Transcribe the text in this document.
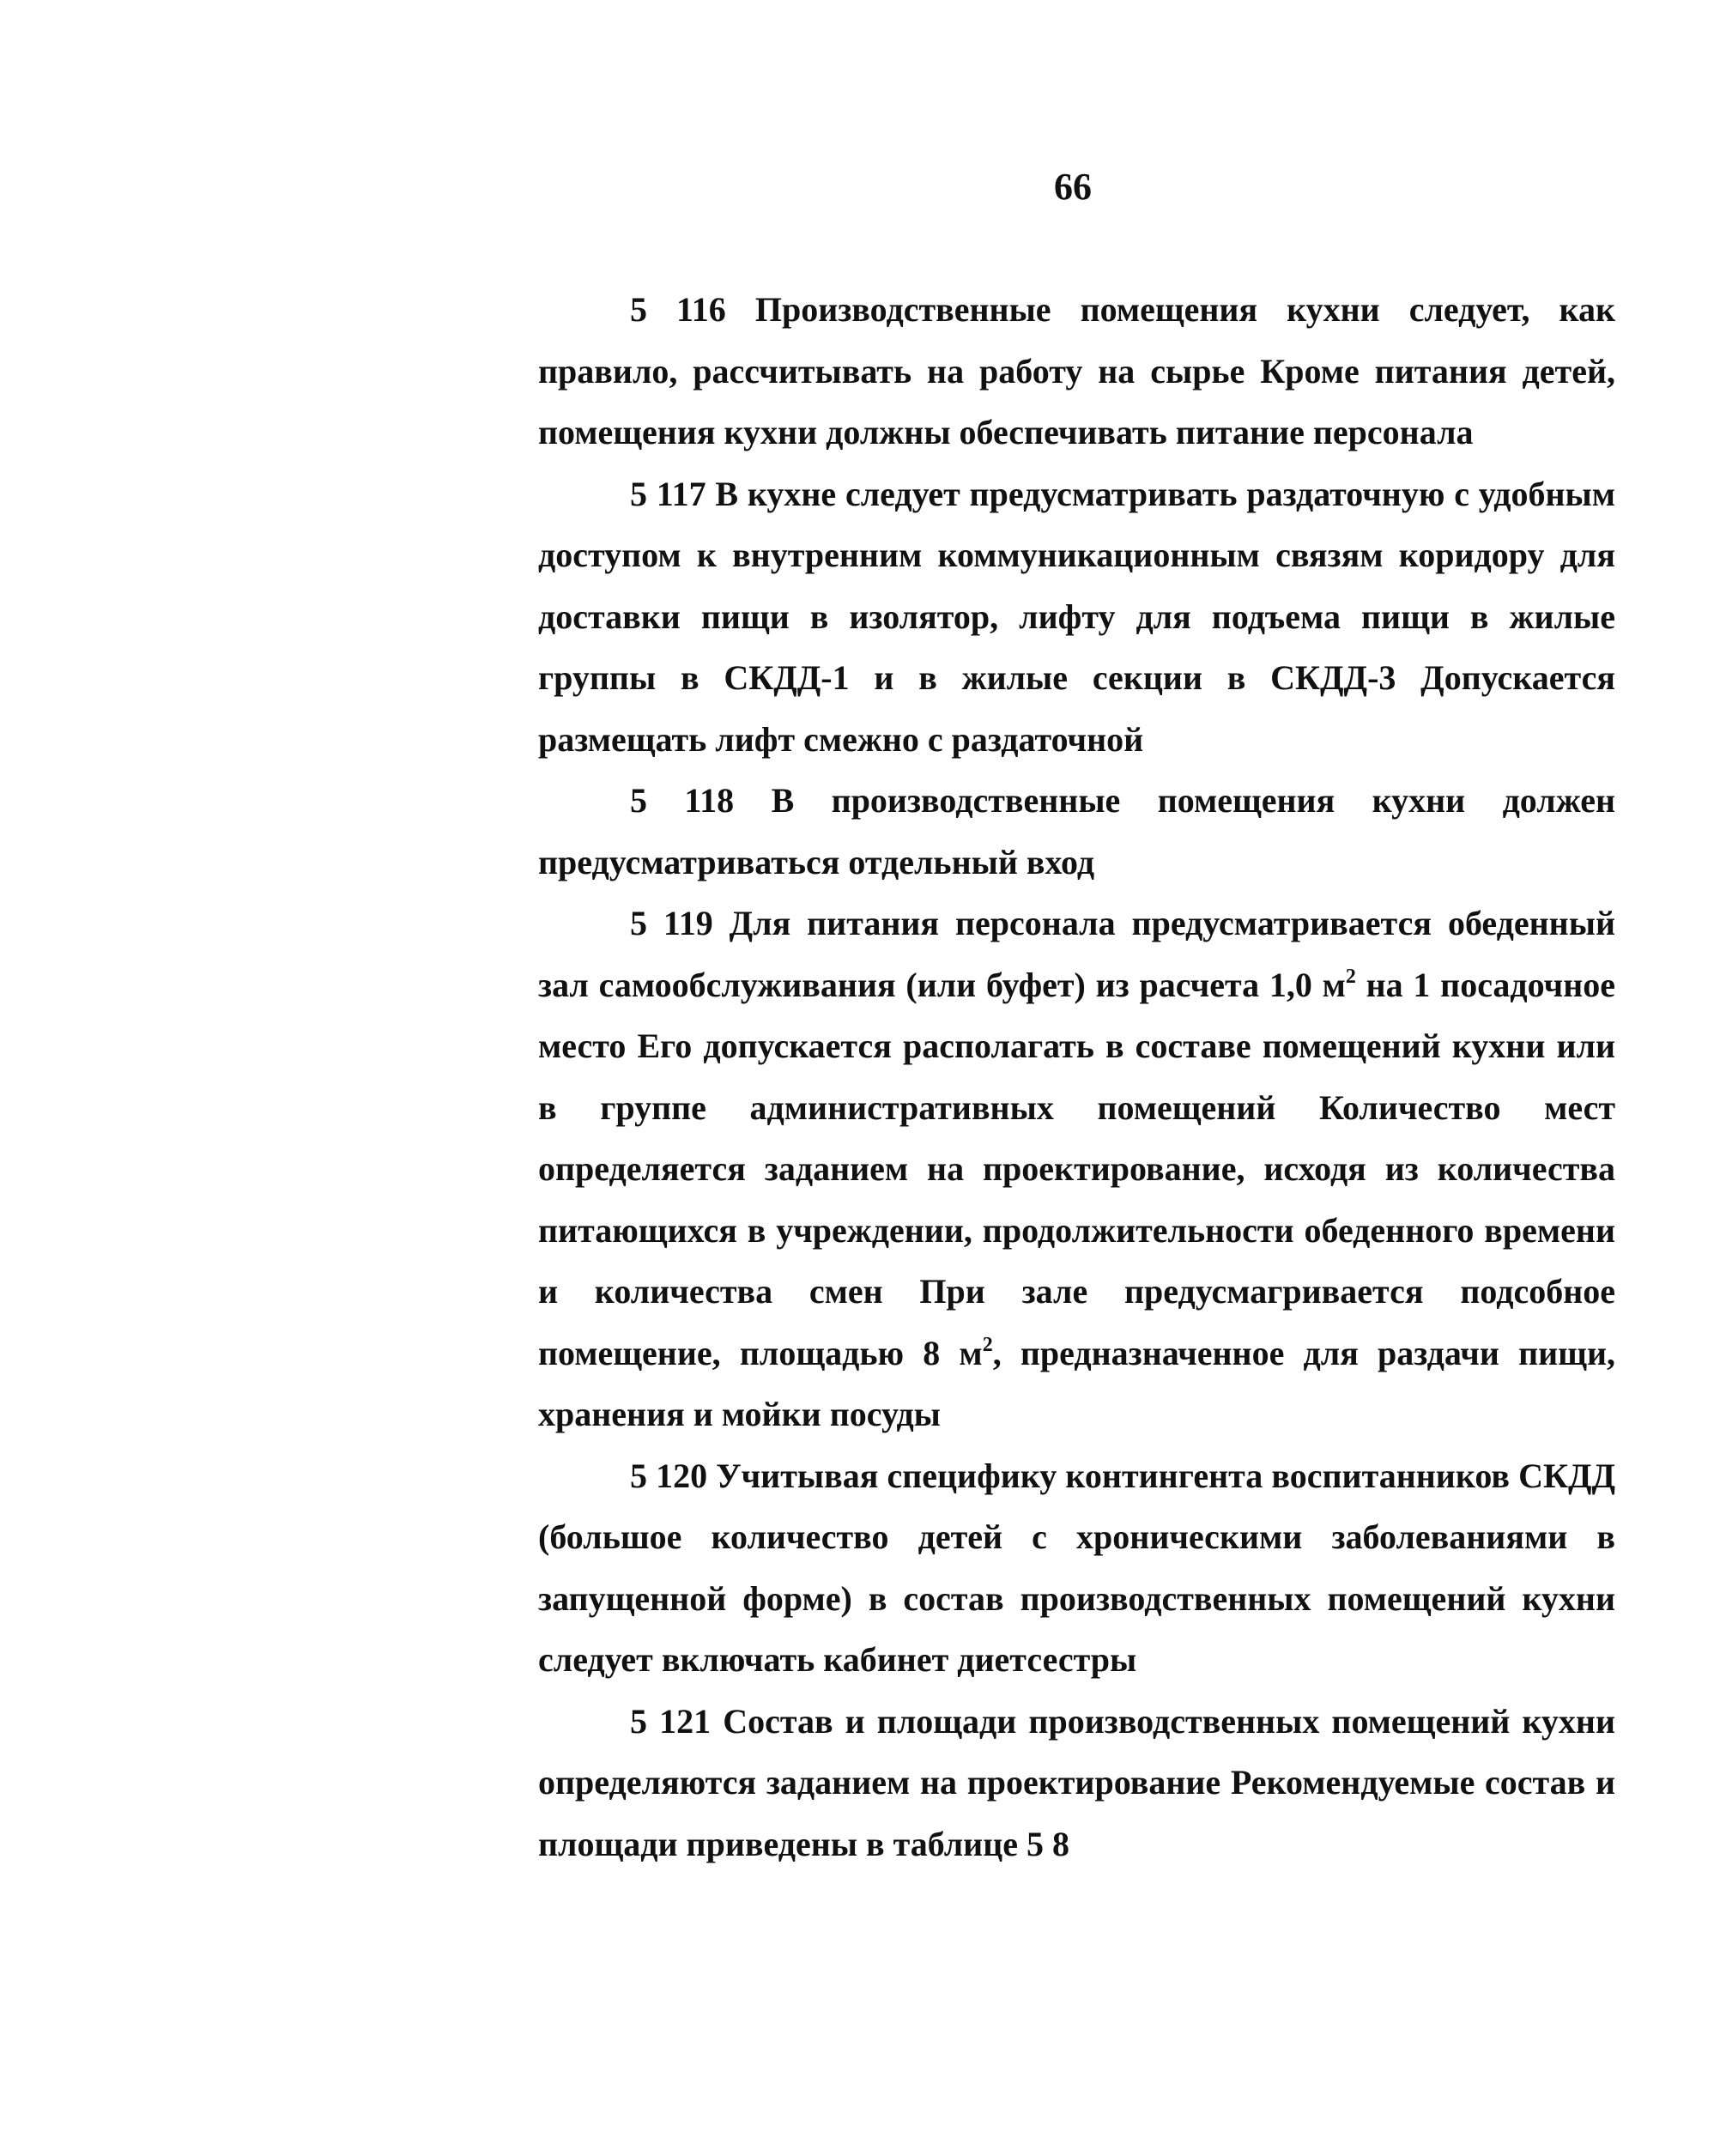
66

5 116 Производственные помещения кухни следует, как правило, рассчитывать на работу на сырье Кроме питания детей, помещения кухни должны обеспечивать питание персонала

5 117 В кухне следует предусматривать раздаточную с удобным доступом к внутренним коммуникационным связям коридору для доставки пищи в изолятор, лифту для подъема пищи в жилые группы в СКДД-1 и в жилые секции в СКДД-3 Допускается размещать лифт смежно с раздаточной

5 118 В производственные помещения кухни должен предусматриваться отдельный вход

5 119 Для питания персонала предусматривается обеденный зал самообслуживания (или буфет) из расчета 1,0 $м^2$ на 1 посадочное место Его допускается располагать в составе помещений кухни или в группе административных помещений Количество мест определяется заданием на проектирование, исходя из количества питающихся в учреждении, продолжительности обеденного времени и количества смен При зале предусмагривается подсобное помещение, площадью 8 $м^2$, предназначенное для раздачи пищи, хранения и мойки посуды

5 120 Учитывая специфику контингента воспитанников СКДД (большое количество детей с хроническими заболеваниями в запущенной форме) в состав производственных помещений кухни следует включать кабинет диетсестры

5 121 Состав и площади производственных помещений кухни определяются заданием на проектирование Рекомендуемые состав и площади приведены в таблице 5 8
